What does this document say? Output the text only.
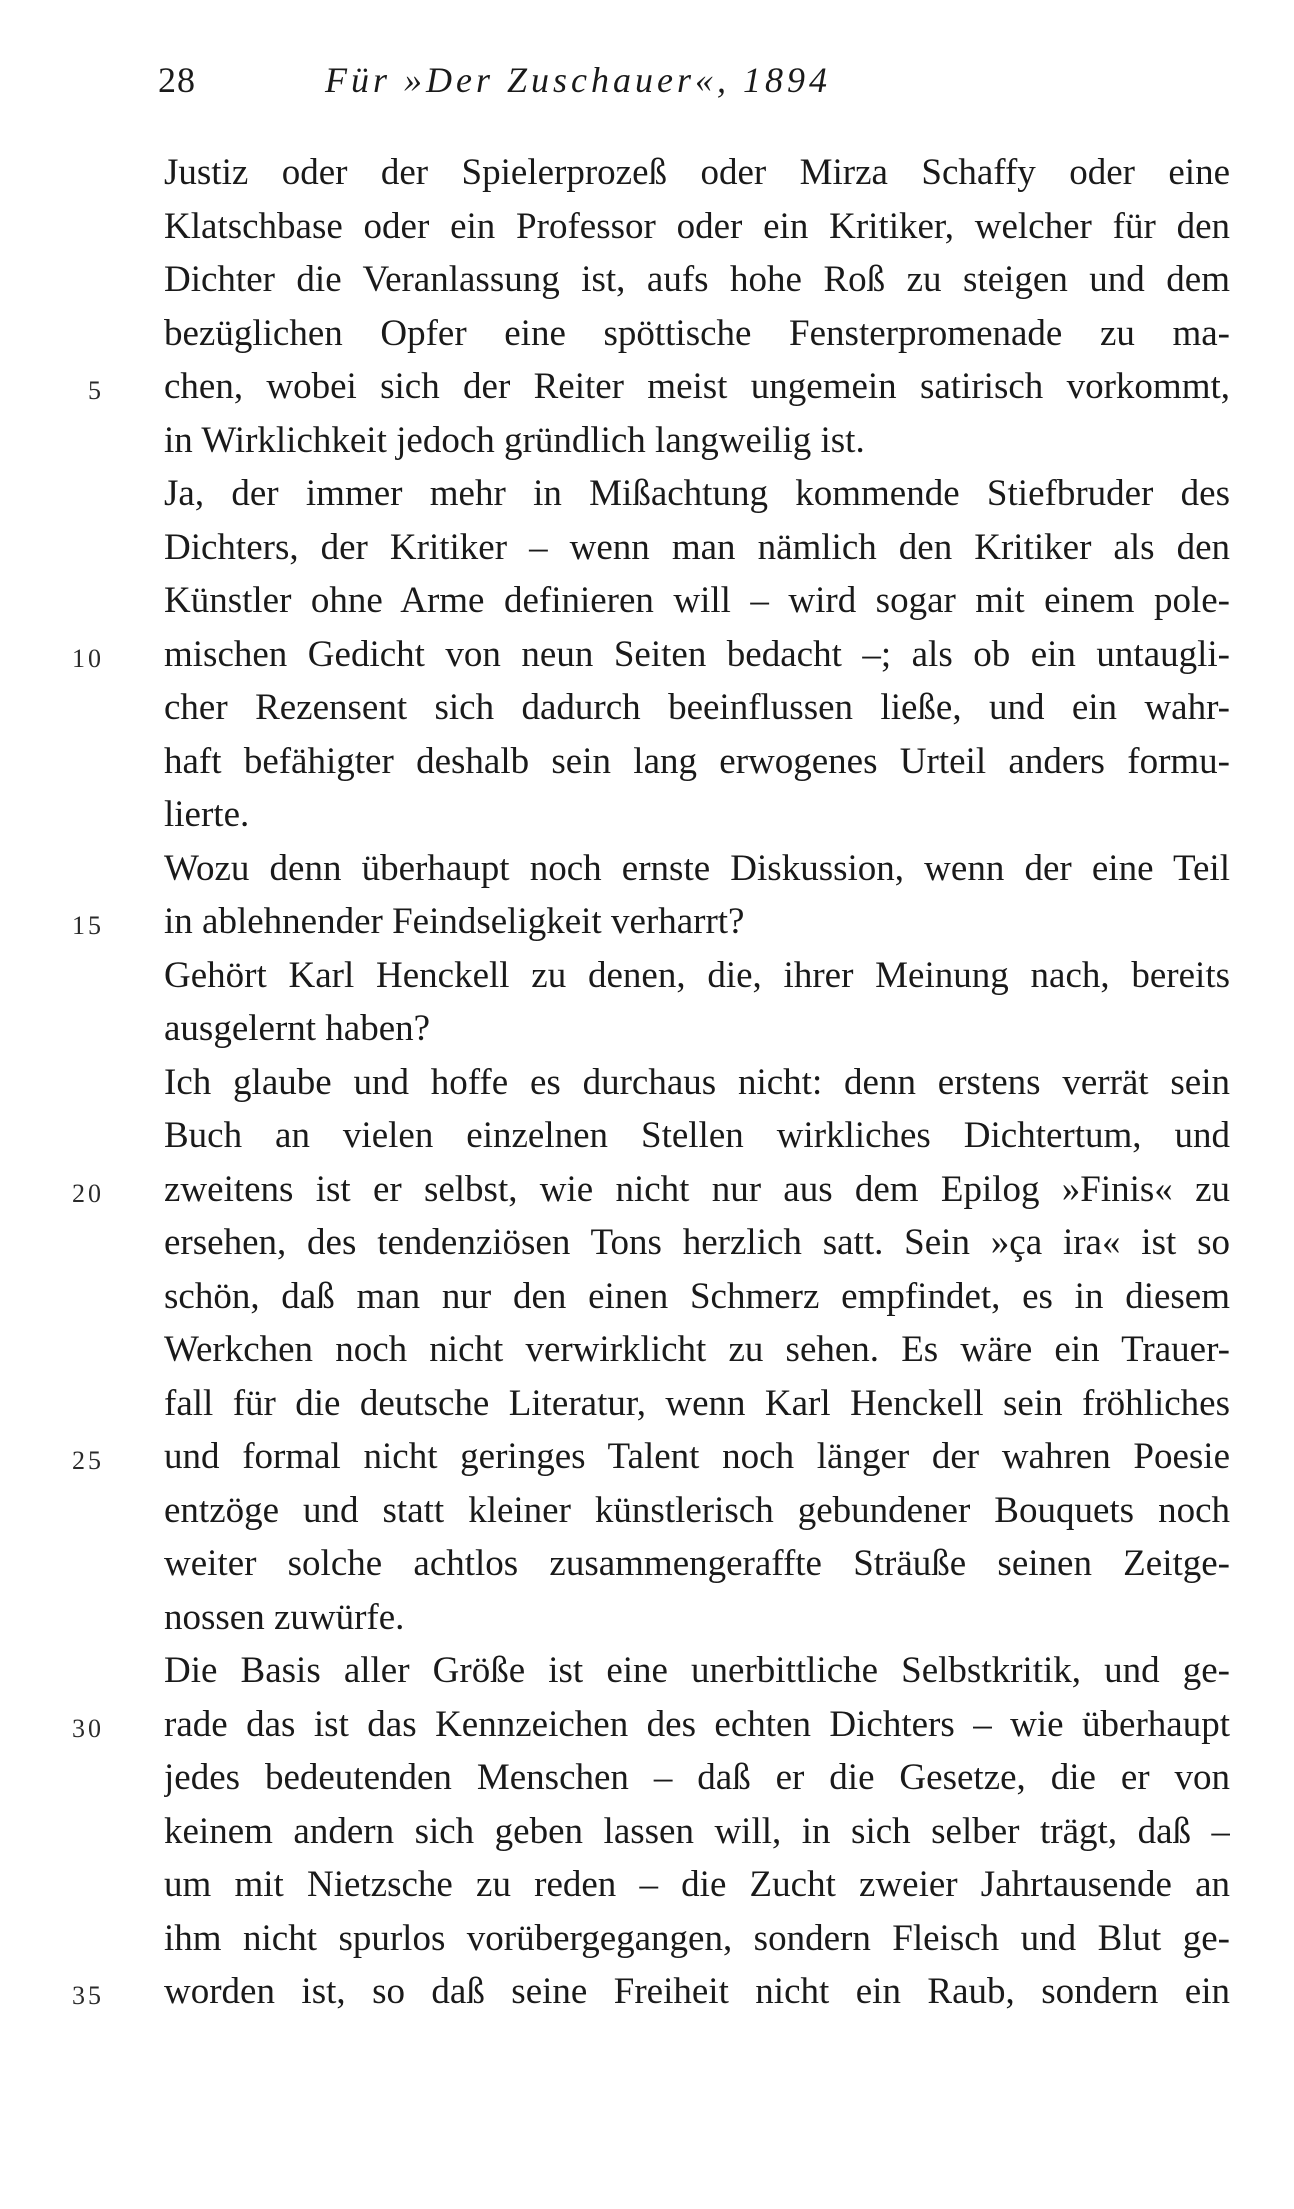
28	Für »Der Zuschauer«, 1894
Justiz oder der Spielerprozeß oder Mirza Schaffy oder eine
Klatschbase oder ein Professor oder ein Kritiker, welcher für den
Dichter die Veranlassung ist, aufs hohe Roß zu steigen und dem
bezüglichen Opfer eine spöttische Fensterpromenade zu ma-
5 chen, wobei sich der Reiter meist ungemein satirisch vorkommt,
in Wirklichkeit jedoch gründlich langweilig ist.
Ja, der immer mehr in Mißachtung kommende Stiefbruder des
Dichters, der Kritiker – wenn man nämlich den Kritiker als den
Künstler ohne Arme definieren will – wird sogar mit einem pole-
10 mischen Gedicht von neun Seiten bedacht –; als ob ein untaugli-
cher Rezensent sich dadurch beeinflussen ließe, und ein wahr-
haft befähigter deshalb sein lang erwogenes Urteil anders formu-
lierte.
Wozu denn überhaupt noch ernste Diskussion, wenn der eine Teil
15 in ablehnender Feindseligkeit verharrt?
Gehört Karl Henckell zu denen, die, ihrer Meinung nach, bereits
ausgelernt haben?
Ich glaube und hoffe es durchaus nicht: denn erstens verrät sein
Buch an vielen einzelnen Stellen wirkliches Dichtertum, und
20 zweitens ist er selbst, wie nicht nur aus dem Epilog »Finis« zu
ersehen, des tendenziösen Tons herzlich satt. Sein »ça ira« ist so
schön, daß man nur den einen Schmerz empfindet, es in diesem
Werkchen noch nicht verwirklicht zu sehen. Es wäre ein Trauer-
fall für die deutsche Literatur, wenn Karl Henckell sein fröhliches
25 und formal nicht geringes Talent noch länger der wahren Poesie
entzöge und statt kleiner künstlerisch gebundener Bouquets noch
weiter solche achtlos zusammengeraffte Sträuße seinen Zeitge-
nossen zuwürfe.
Die Basis aller Größe ist eine unerbittliche Selbstkritik, und ge-
30 rade das ist das Kennzeichen des echten Dichters – wie überhaupt
jedes bedeutenden Menschen – daß er die Gesetze, die er von
keinem andern sich geben lassen will, in sich selber trägt, daß –
um mit Nietzsche zu reden – die Zucht zweier Jahrtausende an
ihm nicht spurlos vorübergegangen, sondern Fleisch und Blut ge-
35 worden ist, so daß seine Freiheit nicht ein Raub, sondern ein
